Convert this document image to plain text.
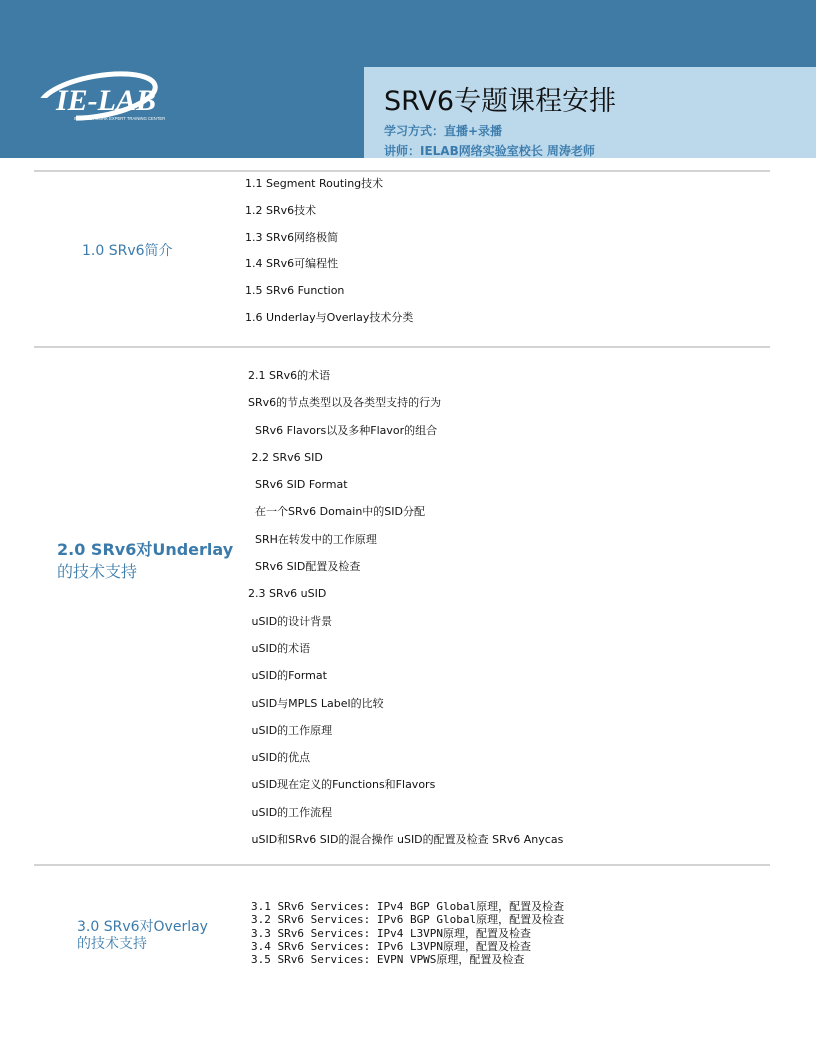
IE-LAB
INTERNETWORK EXPERT TRAINING CENTER
SRV6专题课程安排
学习方式：直播+录播
讲师：IELAB网络实验室校长 周涛老师
1.0 SRv6简介
1.1 Segment Routing技术
1.2 SRv6技术
1.3 SRv6网络极简
1.4 SRv6可编程性
1.5 SRv6 Function
1.6 Underlay与Overlay技术分类
2.0 SRv6对Underlay
的技术支持
2.1 SRv6的术语
SRv6的节点类型以及各类型支持的行为
SRv6 Flavors以及多种Flavor的组合
2.2 SRv6 SID
SRv6 SID Format
在一个SRv6 Domain中的SID分配
SRH在转发中的工作原理
SRv6 SID配置及检查
2.3 SRv6 uSID
uSID的设计背景
uSID的术语
uSID的Format
uSID与MPLS Label的比较
uSID的工作原理
uSID的优点
uSID现在定义的Functions和Flavors
uSID的工作流程
uSID和SRv6 SID的混合操作 uSID的配置及检查 SRv6 Anycas
3.0 SRv6对Overlay
的技术支持
3.1 SRv6 Services: IPv4 BGP Global原理，配置及检查
3.2 SRv6 Services: IPv6 BGP Global原理，配置及检查
3.3 SRv6 Services: IPv4 L3VPN原理，配置及检查
3.4 SRv6 Services: IPv6 L3VPN原理，配置及检查
3.5 SRv6 Services: EVPN VPWS原理，配置及检查
